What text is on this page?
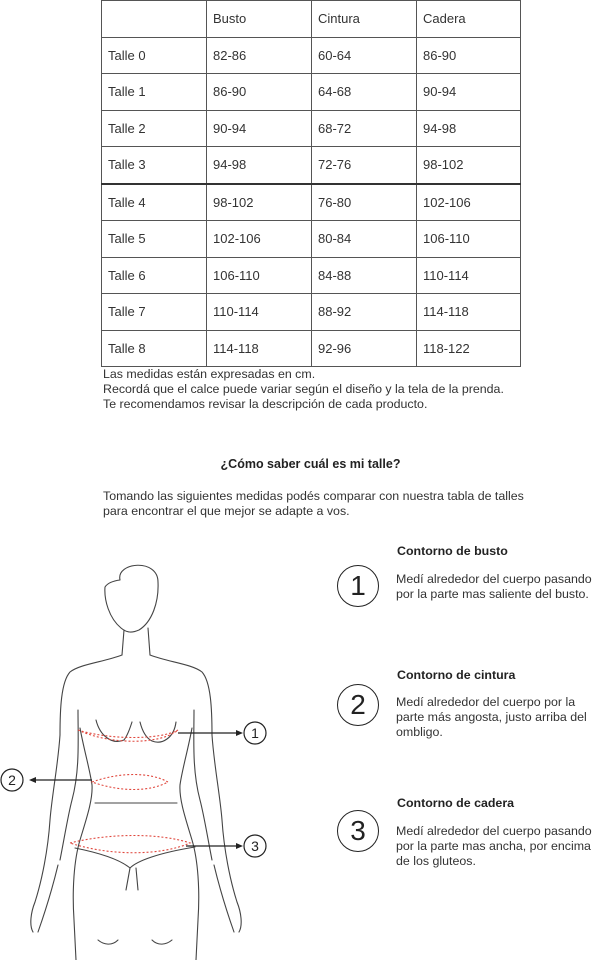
	Busto	Cintura	Cadera
Talle 0	82-86	60-64	86-90
Talle 1	86-90	64-68	90-94
Talle 2	90-94	68-72	94-98
Talle 3	94-98	72-76	98-102
Talle 4	98-102	76-80	102-106
Talle 5	102-106	80-84	106-110
Talle 6	106-110	84-88	110-114
Talle 7	110-114	88-92	114-118
Talle 8	114-118	92-96	118-122
Las medidas están expresadas en cm.
Recordá que el calce puede variar según el diseño y la tela de la prenda.
Te recomendamos revisar la descripción de cada producto.
¿Cómo saber cuál es mi talle?
Tomando las siguientes medidas podés comparar con nuestra tabla de talles para encontrar el que mejor se adapte a vos.
Contorno de busto
1	Medí alrededor del cuerpo pasando por la parte mas saliente del busto.
Contorno de cintura
2	Medí alrededor del cuerpo por la parte más angosta, justo arriba del ombligo.
Contorno de cadera
3	Medí alrededor del cuerpo pasando por la parte mas ancha, por encima de los gluteos.
1
2
3
